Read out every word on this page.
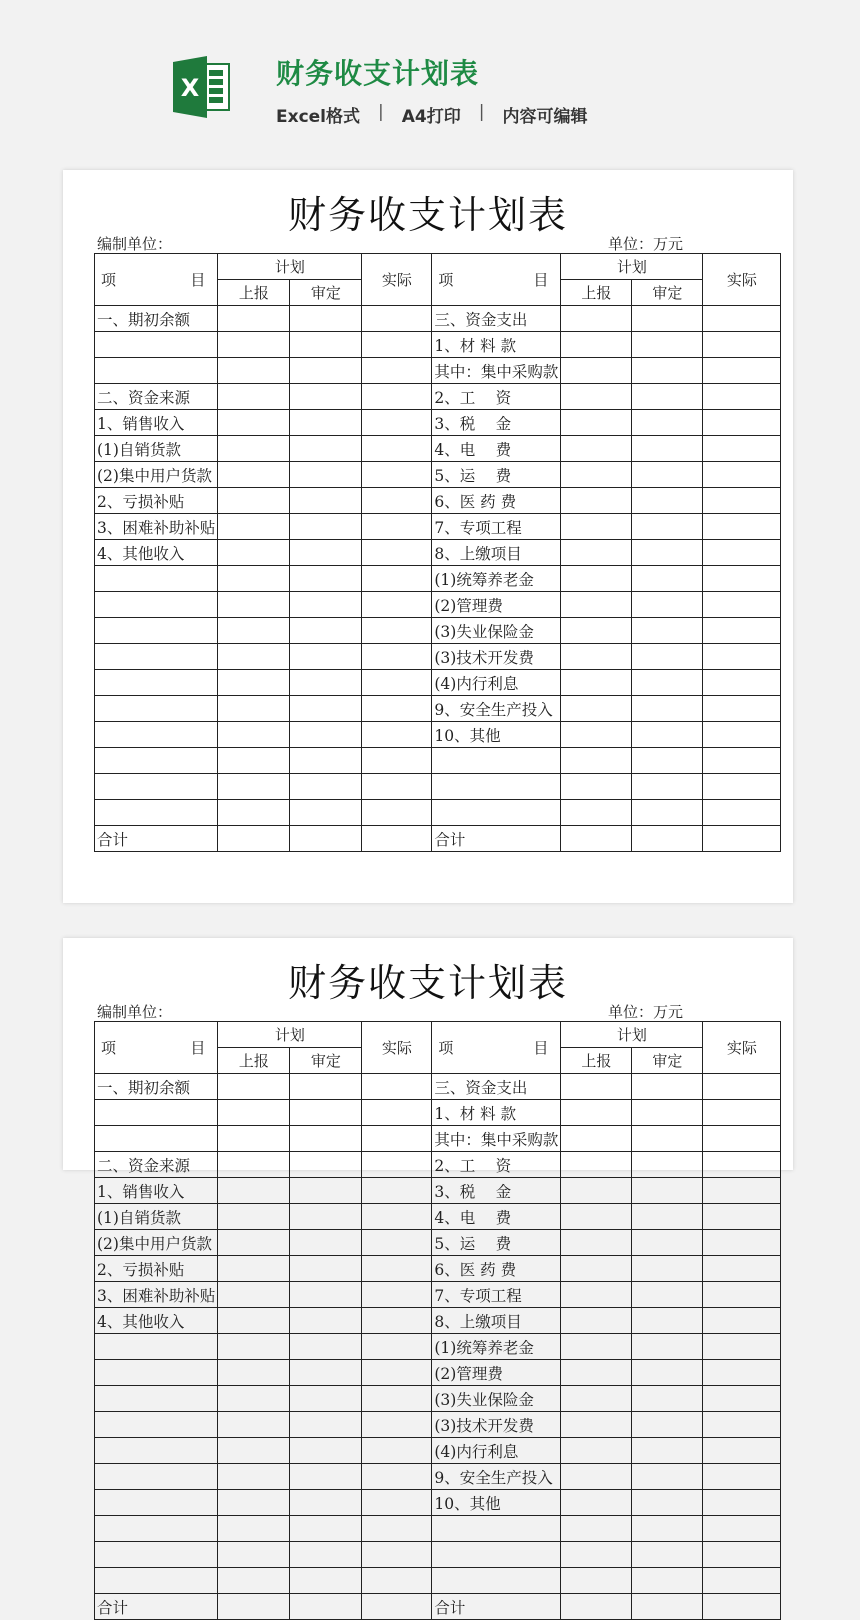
X	财务收支计划表
Excel格式 | A4打印 | 内容可编辑
财务收支计划表
编制单位：	单位：万元
项 目	计划		实际	项 目	计划		实际
	上报	审定			上报	审定	
一、期初余额				三、资金支出			
				1、材 料 款			
				其中：集中采购款			
二、资金来源				2、工　 资			
1、销售收入				3、税　 金			
(1)自销货款				4、电　 费			
(2)集中用户货款				5、运　 费			
2、亏损补贴				6、医 药 费			
3、困难补助补贴				7、专项工程			
4、其他收入				8、上缴项目			
				(1)统筹养老金			
				(2)管理费			
				(3)失业保险金			
				(3)技术开发费			
				(4)内行利息			
				9、安全生产投入			
				10、其他			

合计				合计			
财务收支计划表
编制单位：	单位：万元
项 目	计划		实际	项 目	计划		实际
	上报	审定			上报	审定	
一、期初余额				三、资金支出			
				1、材 料 款			
				其中：集中采购款			
二、资金来源				2、工　 资			
1、销售收入				3、税　 金			
(1)自销货款				4、电　 费			
(2)集中用户货款				5、运　 费			
2、亏损补贴				6、医 药 费			
3、困难补助补贴				7、专项工程			
4、其他收入				8、上缴项目			
				(1)统筹养老金			
				(2)管理费			
				(3)失业保险金			
				(3)技术开发费			
				(4)内行利息			
				9、安全生产投入			
				10、其他			

合计				合计			
